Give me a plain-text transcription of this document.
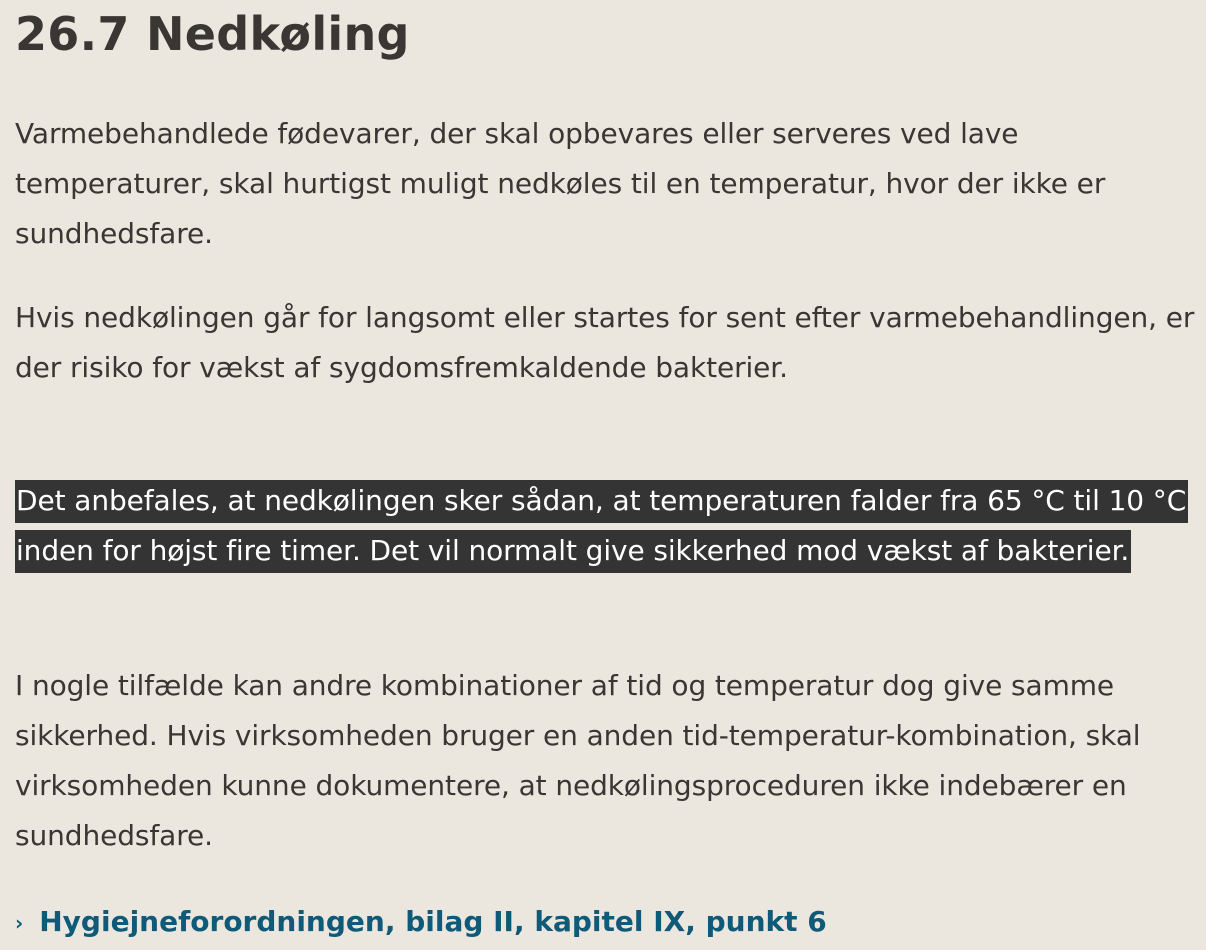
26.7 Nedkøling

Varmebehandlede fødevarer, der skal opbevares eller serveres ved lave temperaturer, skal hurtigst muligt nedkøles til en temperatur, hvor der ikke er sundhedsfare.

Hvis nedkølingen går for langsomt eller startes for sent efter varmebehandlingen, er der risiko for vækst af sygdomsfremkaldende bakterier.

Det anbefales, at nedkølingen sker sådan, at temperaturen falder fra 65 °C til 10 °C inden for højst fire timer. Det vil normalt give sikkerhed mod vækst af bakterier.

I nogle tilfælde kan andre kombinationer af tid og temperatur dog give samme sikkerhed. Hvis virksomheden bruger en anden tid-temperatur-kombination, skal virksomheden kunne dokumentere, at nedkølingsproceduren ikke indebærer en sundhedsfare.

› Hygiejneforordningen, bilag II, kapitel IX, punkt 6
